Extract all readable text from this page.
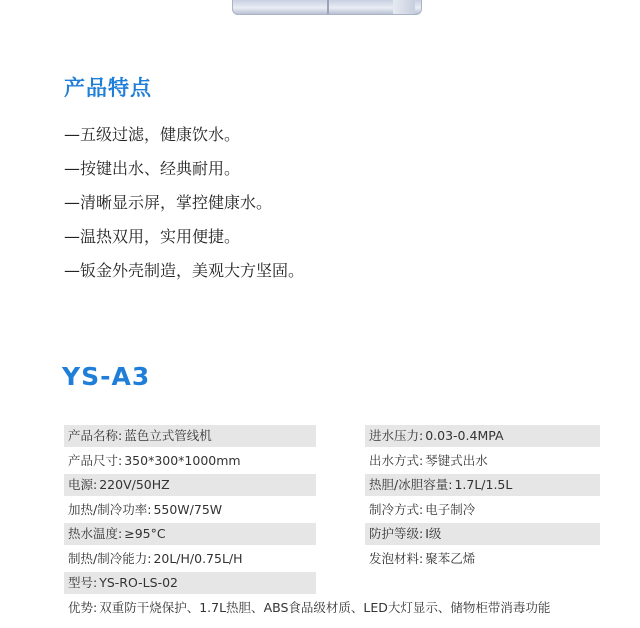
产品特点
—五级过滤，健康饮水。
—按键出水、经典耐用。
—清晰显示屏，掌控健康水。
—温热双用，实用便捷。
—钣金外壳制造，美观大方坚固。
YS-A3
产品名称: 蓝色立式管线机	进水压力: 0.03-0.4MPA
产品尺寸: 350*300*1000mm	出水方式: 琴键式出水
电源: 220V/50HZ	热胆/冰胆容量: 1.7L/1.5L
加热/制冷功率: 550W/75W	制冷方式: 电子制冷
热水温度: ≥95°C	防护等级: I级
制热/制冷能力: 20L/H/0.75L/H	发泡材料: 聚苯乙烯
型号: YS-RO-LS-02
优势: 双重防干烧保护、1.7L热胆、ABS食品级材质、LED大灯显示、储物柜带消毒功能
